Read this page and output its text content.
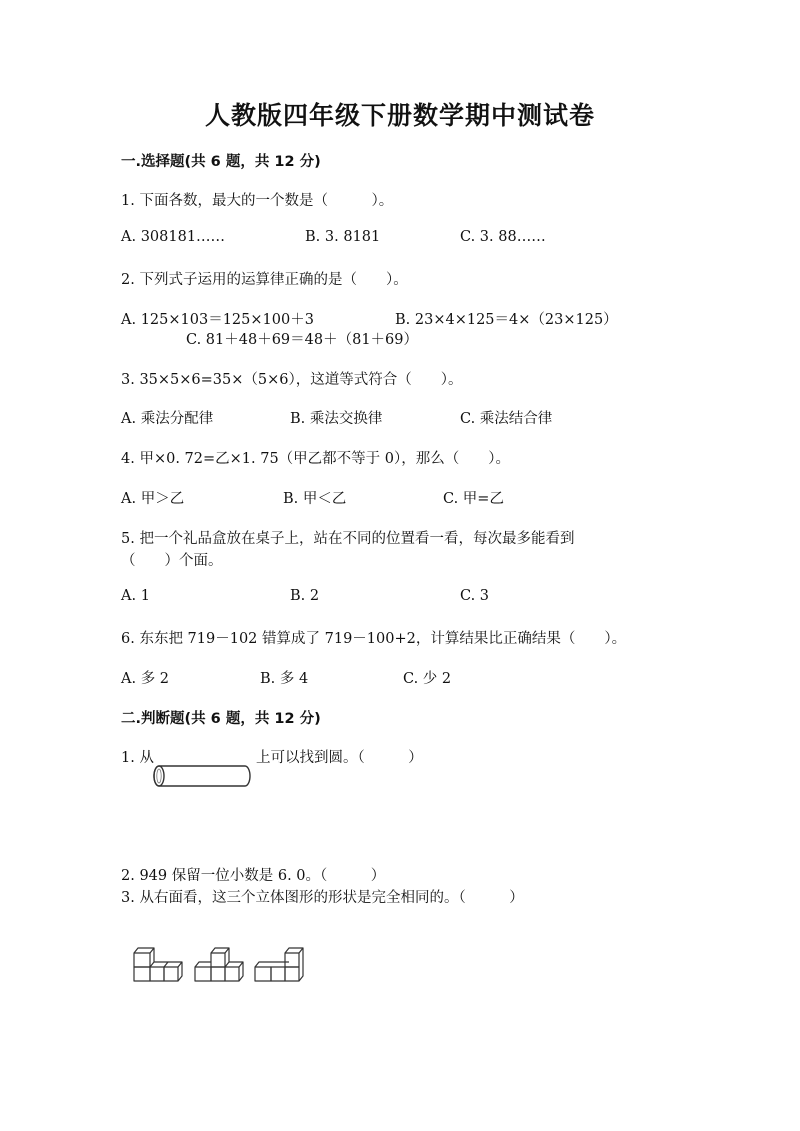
人教版四年级下册数学期中测试卷
一.选择题(共 6 题，共 12 分)
1. 下面各数，最大的一个数是（　　　）。
A. 308181……	B. 3. 8181	C. 3. 88……
2. 下列式子运用的运算律正确的是（　　）。
A. 125×103＝125×100＋3	B. 23×4×125＝4×（23×125）
C. 81＋48＋69＝48＋（81＋69）
3. 35×5×6=35×（5×6），这道等式符合（　　）。
A. 乘法分配律	B. 乘法交换律	C. 乘法结合律
4. 甲×0. 72=乙×1. 75（甲乙都不等于 0），那么（　　）。
A. 甲＞乙	B. 甲＜乙	C. 甲=乙
5. 把一个礼品盒放在桌子上，站在不同的位置看一看，每次最多能看到
（　　）个面。
A. 1	B. 2	C. 3
6. 东东把 719－102 错算成了 719－100+2，计算结果比正确结果（　　）。
A. 多 2	B. 多 4	C. 少 2
二.判断题(共 6 题，共 12 分)
1. 从	上可以找到圆。（　　　）
2. 949 保留一位小数是 6. 0。（　　　）
3. 从右面看，这三个立体图形的形状是完全相同的。（　　　）
